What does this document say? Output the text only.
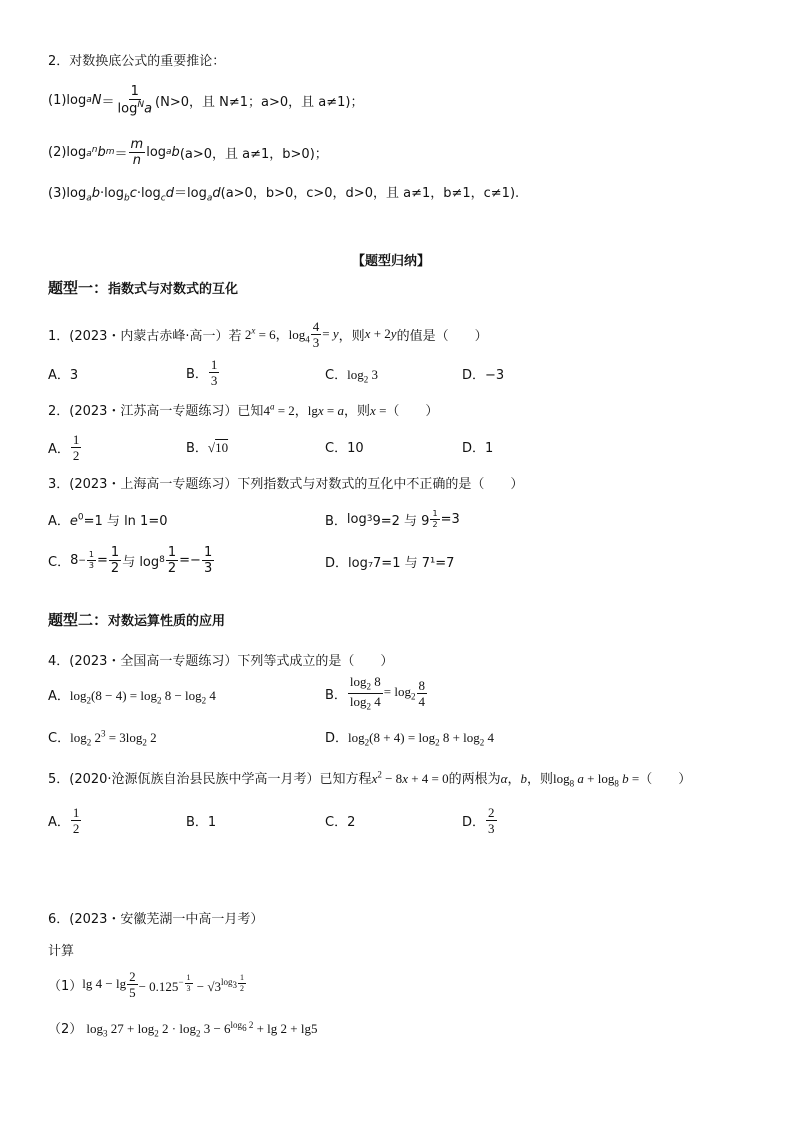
2．对数换底公式的重要推论：
(1)log a $N = \frac{1}{\log^Na} (N>0$，且 N≠1；a>0，且 a≠1)；
(2)log $a^n$ b $m = \frac{m}{n}$ log a b (a>0，且 a≠1，b>0)；
$(3)\log_ab\cdot\log_bc\cdot\log_cd=\log_ad(a>0$，b>0，c>0，d>0，且 a≠1，b≠1，c≠1).
【题型归纳】
题型一：指数式与对数式的互化
1．(2023・内蒙古赤峰·高一）若 $2^x = 6$，$\log_4 \frac{4}{3} = y$ ，则 x + 2y 的值是（　　）
A．3	B． $\frac{1}{3}$	C．$\log_2 3$	D．−3
2．(2023・江苏高一专题练习）已知$4^a = 2$，lgx = a，则x =（　　）
A． $\frac{1}{2}$	B．√10	C．10	D．1
3．(2023・上海高一专题练习）下列指数式与对数式的互化中不正确的是（　　）
A．$e^0=1$ 与 ln 1=0	B． log 3 9=2 与 $9 \frac{1}{2} =3$
C． $8 - \frac{1}{3} = \frac{1}{2}$ 与 $\log 8 \frac{1}{2} =- \frac{1}{3}$	D．log₇7=1 与 7¹=7
题型二：对数运算性质的应用
4．(2023・全国高一专题练习）下列等式成立的是（　　）
A．$\log_2(8 - 4) = \log_2 8 - \log_2 4$	B． $\frac{\log_2 8}{\log_2 4} = \log_2 \frac{8}{4}$
C．$\log_2 2^3 = 3\log_2$ 2	D．$\log_2(8 + 4) = \log_2 8 + \log_2 4$
5．(2020·沧源佤族自治县民族中学高一月考）已知方程$x^2 - 8x + 4 = 0$的两根为α，b，则$\log_8 a + \log_8 b$ =（　　）
A． $\frac{1}{2}$	B．1	C．2	D． $\frac{2}{3}$
6．(2023・安徽芜湖一中高一月考）
计算
（1） $\lg 4 - \lg \frac{2}{5} - 0.125^{- \frac{1}{3}} - √3^{log_3 \frac{1}{2}}$
（2） $\log_3 27 + \log_2 2 \cdot \log_2 3 - 6^{log_6 2} + \lg 2 + \lg 5$
